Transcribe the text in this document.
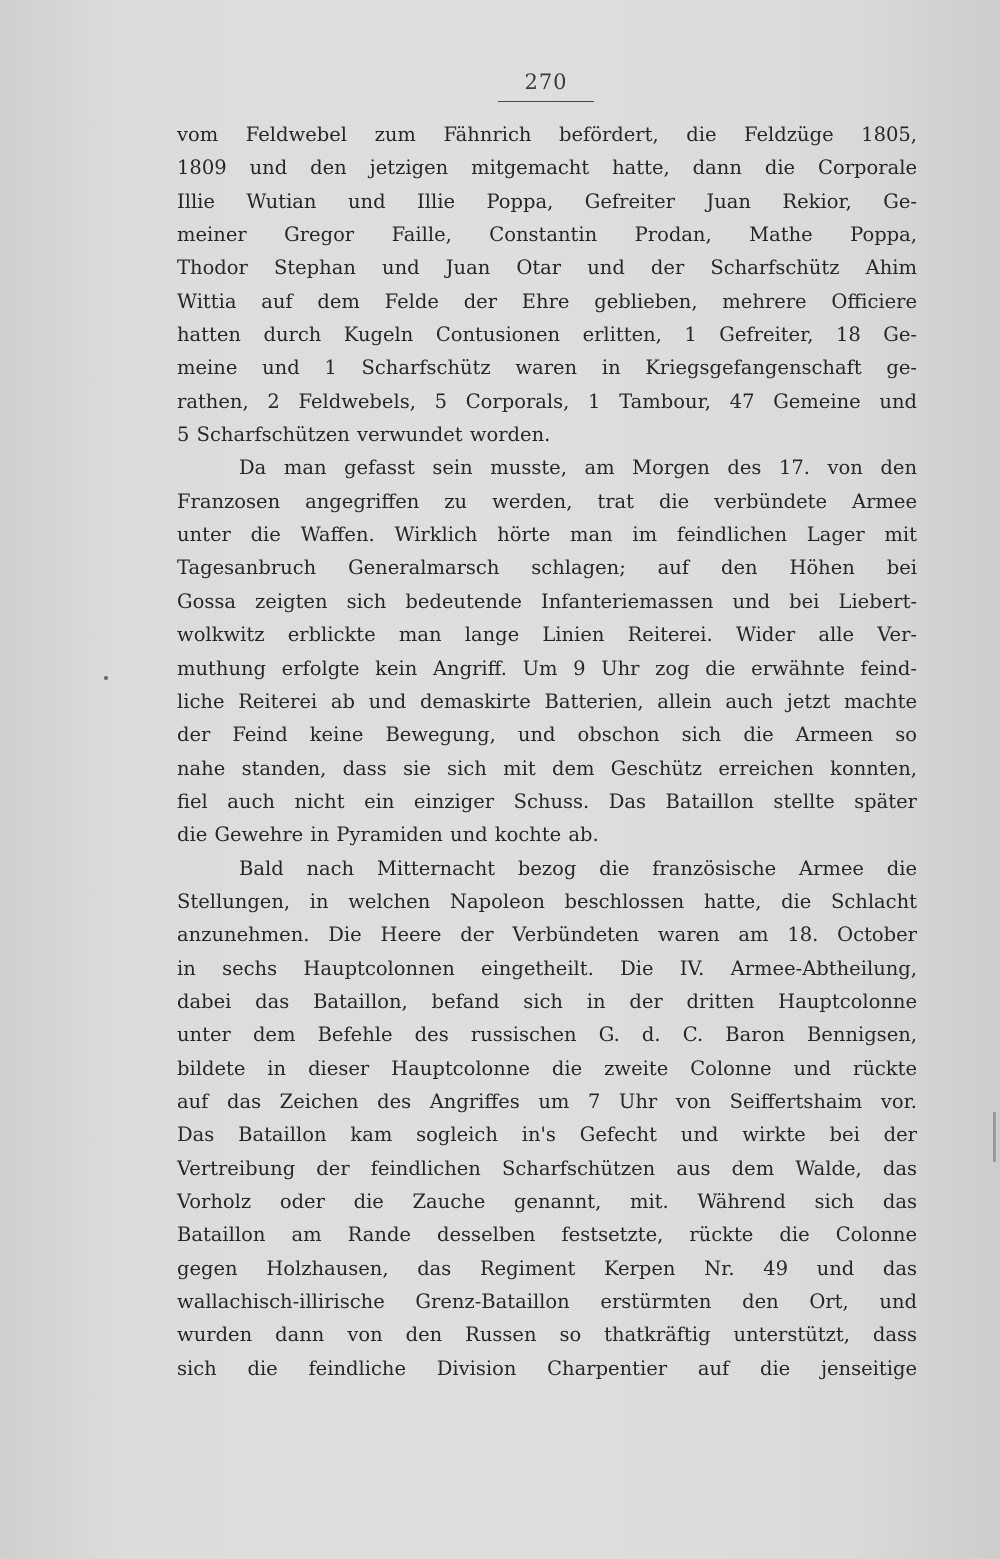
270
vom Feldwebel zum Fähnrich befördert, die Feldzüge 1805,
1809 und den jetzigen mitgemacht hatte, dann die Corporale
Illie Wutian und Illie Poppa, Gefreiter Juan Rekior, Ge-
meiner Gregor Faille, Constantin Prodan, Mathe Poppa,
Thodor Stephan und Juan Otar und der Scharfschütz Ahim
Wittia auf dem Felde der Ehre geblieben, mehrere Officiere
hatten durch Kugeln Contusionen erlitten, 1 Gefreiter, 18 Ge-
meine und 1 Scharfschütz waren in Kriegsgefangenschaft ge-
rathen, 2 Feldwebels, 5 Corporals, 1 Tambour, 47 Gemeine und
5 Scharfschützen verwundet worden.
Da man gefasst sein musste, am Morgen des 17. von den
Franzosen angegriffen zu werden, trat die verbündete Armee
unter die Waffen. Wirklich hörte man im feindlichen Lager mit
Tagesanbruch Generalmarsch schlagen; auf den Höhen bei
Gossa zeigten sich bedeutende Infanteriemassen und bei Liebert-
wolkwitz erblickte man lange Linien Reiterei. Wider alle Ver-
muthung erfolgte kein Angriff. Um 9 Uhr zog die erwähnte feind-
liche Reiterei ab und demaskirte Batterien, allein auch jetzt machte
der Feind keine Bewegung, und obschon sich die Armeen so
nahe standen, dass sie sich mit dem Geschütz erreichen konnten,
fiel auch nicht ein einziger Schuss. Das Bataillon stellte später
die Gewehre in Pyramiden und kochte ab.
Bald nach Mitternacht bezog die französische Armee die
Stellungen, in welchen Napoleon beschlossen hatte, die Schlacht
anzunehmen. Die Heere der Verbündeten waren am 18. October
in sechs Hauptcolonnen eingetheilt. Die IV. Armee-Abtheilung,
dabei das Bataillon, befand sich in der dritten Hauptcolonne
unter dem Befehle des russischen G. d. C. Baron Bennigsen,
bildete in dieser Hauptcolonne die zweite Colonne und rückte
auf das Zeichen des Angriffes um 7 Uhr von Seiffertshaim vor.
Das Bataillon kam sogleich in's Gefecht und wirkte bei der
Vertreibung der feindlichen Scharfschützen aus dem Walde, das
Vorholz oder die Zauche genannt, mit. Während sich das
Bataillon am Rande desselben festsetzte, rückte die Colonne
gegen Holzhausen, das Regiment Kerpen Nr. 49 und das
wallachisch-illirische Grenz-Bataillon erstürmten den Ort, und
wurden dann von den Russen so thatkräftig unterstützt, dass
sich die feindliche Division Charpentier auf die jenseitige
